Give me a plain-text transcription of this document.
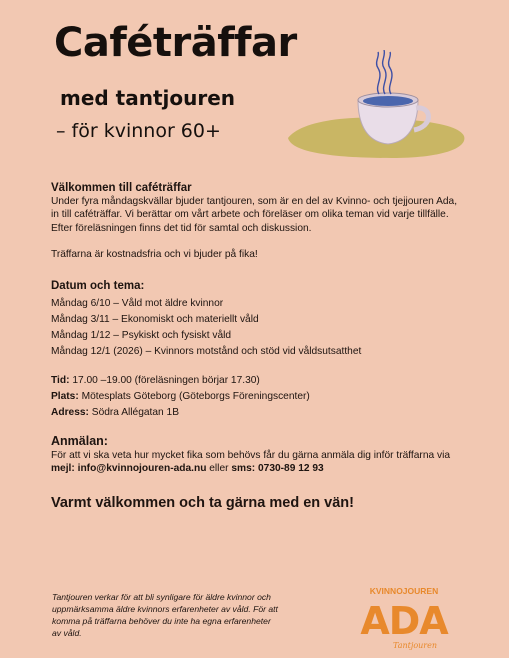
Caféträffar
med tantjouren
– för kvinnor 60+
Välkommen till caféträffar

Under fyra måndagskvällar bjuder tantjouren, som är en del av Kvinno- och tjejjouren Ada, in till caféträffar. Vi berättar om vårt arbete och föreläser om olika teman vid varje tillfälle. Efter föreläsningen finns det tid för samtal och diskussion.

Träffarna är kostnadsfria och vi bjuder på fika!

Datum och tema:
Måndag 6/10 – Våld mot äldre kvinnor
Måndag 3/11 – Ekonomiskt och materiellt våld
Måndag 1/12 – Psykiskt och fysiskt våld
Måndag 12/1 (2026) – Kvinnors motstånd och stöd vid våldsutsatthet

Tid: 17.00 –19.00 (föreläsningen börjar 17.30)

Plats: Mötesplats Göteborg (Göteborgs Föreningscenter)

Adress: Södra Allégatan 1B

Anmälan:

För att vi ska veta hur mycket fika som behövs får du gärna anmäla dig inför träffarna via mejl: info@kvinnojouren-ada.nu eller sms: 0730-89 12 93

Varmt välkommen och ta gärna med en vän!

Tantjouren verkar för att bli synligare för äldre kvinnor och uppmärksamma äldre kvinnors erfarenheter av våld. För att komma på träffarna behöver du inte ha egna erfarenheter av våld.
KVINNOJOUREN
ADA
Tantjouren
